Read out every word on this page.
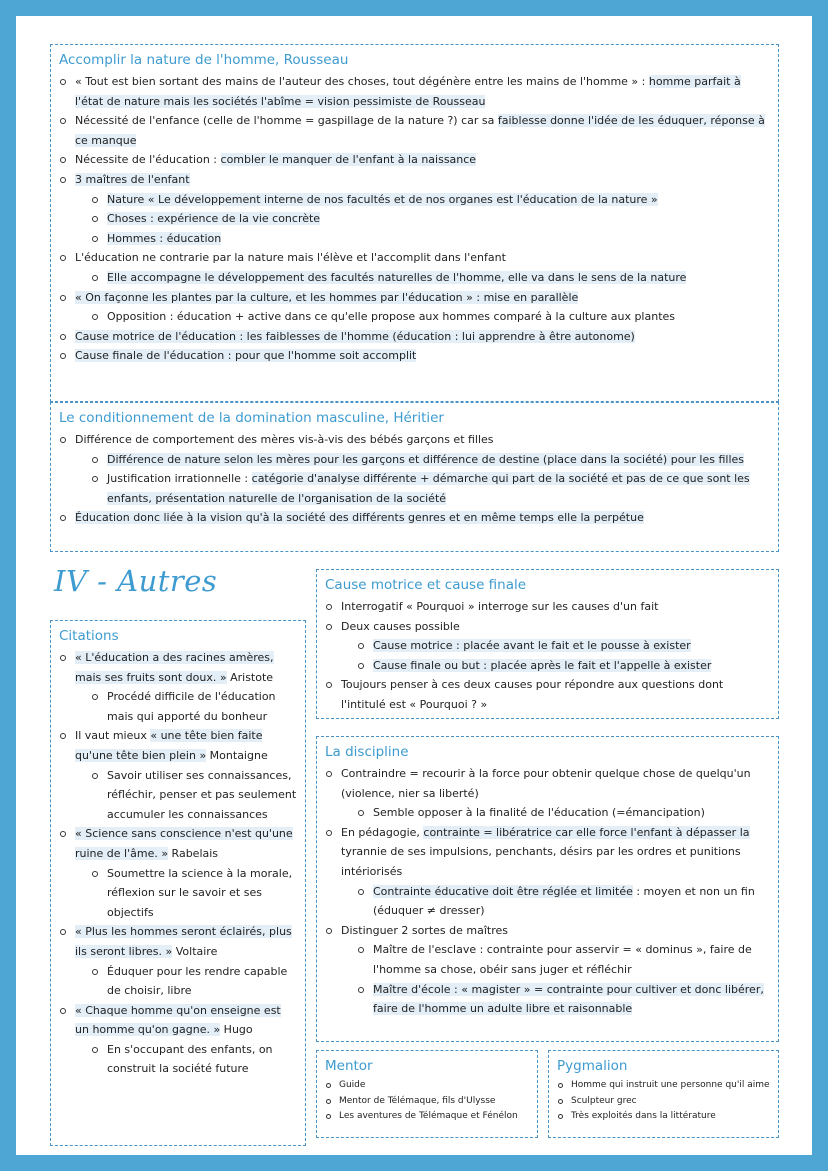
Accomplir la nature de l'homme, Rousseau
« Tout est bien sortant des mains de l'auteur des choses, tout dégénère entre les mains de l'homme » : homme parfait à l'état de nature mais les sociétés l'abîme = vision pessimiste de Rousseau
Nécessité de l'enfance (celle de l'homme = gaspillage de la nature ?) car sa faiblesse donne l'idée de les éduquer, réponse à ce manque
Nécessite de l'éducation : combler le manquer de l'enfant à la naissance
3 maîtres de l'enfant
Nature « Le développement interne de nos facultés et de nos organes est l'éducation de la nature »
Choses : expérience de la vie concrète
Hommes : éducation
L'éducation ne contrarie par la nature mais l'élève et l'accomplit dans l'enfant
Elle accompagne le développement des facultés naturelles de l'homme, elle va dans le sens de la nature
« On façonne les plantes par la culture, et les hommes par l'éducation » : mise en parallèle
Opposition : éducation + active dans ce qu'elle propose aux hommes comparé à la culture aux plantes
Cause motrice de l'éducation : les faiblesses de l'homme (éducation : lui apprendre à être autonome)
Cause finale de l'éducation : pour que l'homme soit accomplit
Le conditionnement de la domination masculine, Héritier
Différence de comportement des mères vis-à-vis des bébés garçons et filles
Différence de nature selon les mères pour les garçons et différence de destine (place dans la société) pour les filles
Justification irrationnelle : catégorie d'analyse différente + démarche qui part de la société et pas de ce que sont les enfants, présentation naturelle de l'organisation de la société
Éducation donc liée à la vision qu'à la société des différents genres et en même temps elle la perpétue
IV - Autres
Citations
« L'éducation a des racines amères, mais ses fruits sont doux. » Aristote
Procédé difficile de l'éducation mais qui apporté du bonheur
Il vaut mieux « une tête bien faite qu'une tête bien plein » Montaigne
Savoir utiliser ses connaissances, réfléchir, penser et pas seulement accumuler les connaissances
« Science sans conscience n'est qu'une ruine de l'âme. » Rabelais
Soumettre la science à la morale, réflexion sur le savoir et ses objectifs
« Plus les hommes seront éclairés, plus ils seront libres. » Voltaire
Éduquer pour les rendre capable de choisir, libre
« Chaque homme qu'on enseigne est un homme qu'on gagne. » Hugo
En s'occupant des enfants, on construit la société future
Cause motrice et cause finale
Interrogatif « Pourquoi » interroge sur les causes d'un fait
Deux causes possible
Cause motrice : placée avant le fait et le pousse à exister
Cause finale ou but : placée après le fait et l'appelle à exister
Toujours penser à ces deux causes pour répondre aux questions dont l'intitulé est « Pourquoi ? »
La discipline
Contraindre = recourir à la force pour obtenir quelque chose de quelqu'un (violence, nier sa liberté)
Semble opposer à la finalité de l'éducation (=émancipation)
En pédagogie, contrainte = libératrice car elle force l'enfant à dépasser la tyrannie de ses impulsions, penchants, désirs par les ordres et punitions intériorisés
Contrainte éducative doit être réglée et limitée : moyen et non un fin (éduquer ≠ dresser)
Distinguer 2 sortes de maîtres
Maître de l'esclave : contrainte pour asservir = « dominus », faire de l'homme sa chose, obéir sans juger et réfléchir
Maître d'école : « magister » = contrainte pour cultiver et donc libérer, faire de l'homme un adulte libre et raisonnable
Mentor
Guide
Mentor de Télémaque, fils d'Ulysse
Les aventures de Télémaque et Fénélon
Pygmalion
Homme qui instruit une personne qu'il aime
Sculpteur grec
Très exploités dans la littérature
